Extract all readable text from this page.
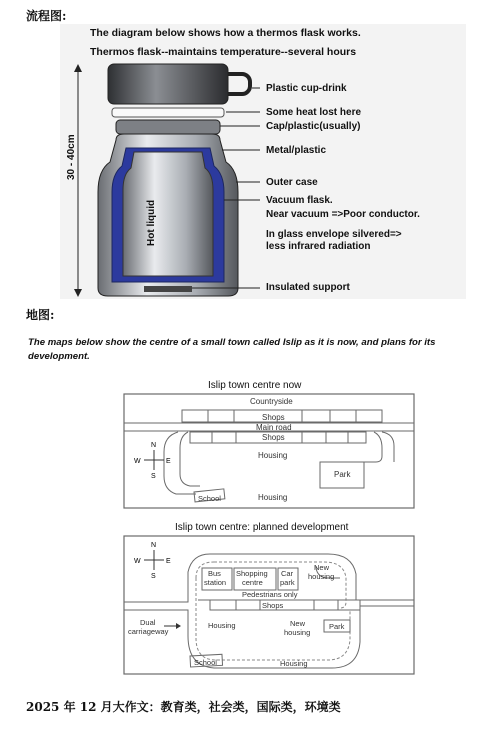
流程图:
The diagram below shows how a thermos flask works.
Thermos flask--maintains temperature--several hours
30 - 40cm
Hot liquid
Plastic cup-drink
Some heat lost here
Cap/plastic(usually)
Metal/plastic
Outer case
Vacuum flask.
Near vacuum =>Poor conductor.
In glass envelope silvered=>
less infrared radiation
Insulated support
地图:
The maps below show the centre of a small town called Islip as it is now, and plans for its development.
Islip town centre now
N
S
E
W
Countryside
Shops
Main road
Shops
Housing
Park
School	Housing
Islip town centre: planned development
N
S
E
W
Bus
station
Shopping
centre
Car
park
New
housing
Pedestrians only
Shops
Dual
carriageway
Housing	New
housing
Park
School	Housing
2025 年 12 月大作文：教育类，社会类，国际类，环境类
